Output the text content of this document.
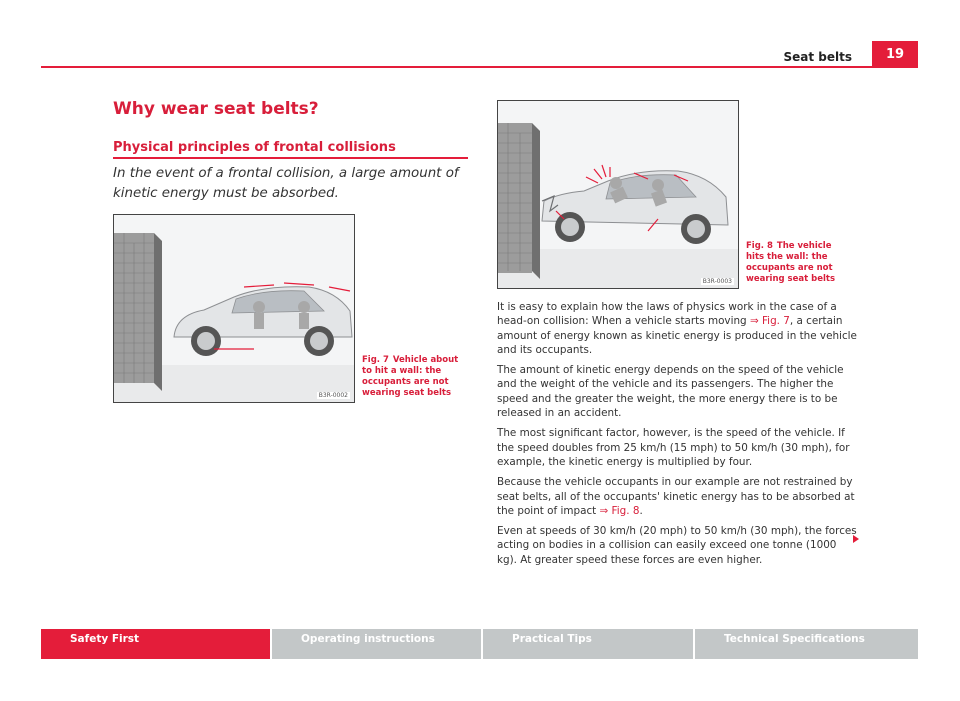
Seat belts	19
Why wear seat belts?
Physical principles of frontal collisions

In the event of a frontal collision, a large amount of kinetic energy must be absorbed.

B3R-0002
Fig. 7 Vehicle about to hit a wall: the occupants are not wearing seat belts
B3R-0003
Fig. 8 The vehicle hits the wall: the occupants are not wearing seat belts

It is easy to explain how the laws of physics work in the case of a head-on collision: When a vehicle starts moving ⇒ Fig. 7, a certain amount of energy known as kinetic energy is produced in the vehicle and its occupants.

The amount of kinetic energy depends on the speed of the vehicle and the weight of the vehicle and its passengers. The higher the speed and the greater the weight, the more energy there is to be released in an accident.

The most significant factor, however, is the speed of the vehicle. If the speed doubles from 25 km/h (15 mph) to 50 km/h (30 mph), for example, the kinetic energy is multiplied by four.

Because the vehicle occupants in our example are not restrained by seat belts, all of the occupants' kinetic energy has to be absorbed at the point of impact ⇒ Fig. 8.

Even at speeds of 30 km/h (20 mph) to 50 km/h (30 mph), the forces acting on bodies in a collision can easily exceed one tonne (1000 kg). At greater speed these forces are even higher.

Safety First	Operating instructions	Practical Tips	Technical Specifications
